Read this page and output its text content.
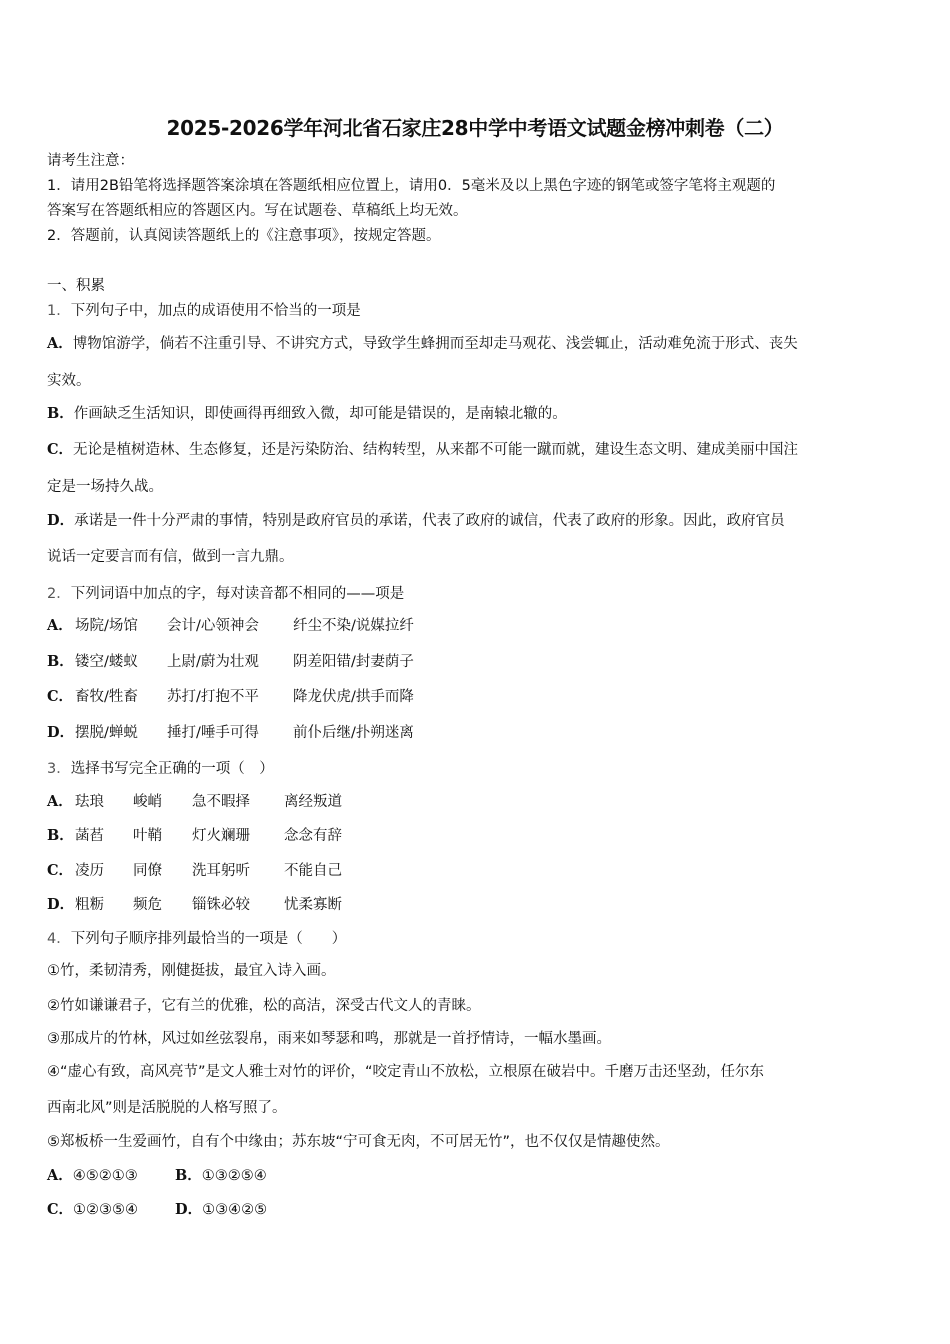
2025-2026学年河北省石家庄28中学中考语文试题金榜冲刺卷（二）
请考生注意：
1．请用2B铅笔将选择题答案涂填在答题纸相应位置上，请用0．5毫米及以上黑色字迹的钢笔或签字笔将主观题的
答案写在答题纸相应的答题区内。写在试题卷、草稿纸上均无效。
2．答题前，认真阅读答题纸上的《注意事项》，按规定答题。
一、积累
1．下列句子中，加点的成语使用不恰当的一项是
A．博物馆游学，倘若不注重引导、不讲究方式，导致学生蜂拥而至却走马观花、浅尝辄止，活动难免流于形式、丧失
实效。
B．作画缺乏生活知识，即使画得再细致入微，却可能是错误的，是南辕北辙的。
C．无论是植树造林、生态修复，还是污染防治、结构转型，从来都不可能一蹴而就，建设生态文明、建成美丽中国注
定是一场持久战。
D．承诺是一件十分严肃的事情，特别是政府官员的承诺，代表了政府的诚信，代表了政府的形象。因此，政府官员
说话一定要言而有信，做到一言九鼎。
2．下列词语中加点的字，每对读音都不相同的——项是
A． 场院/场馆 会计/心领神会 纤尘不染/说媒拉纤
B． 镂空/蝼蚁 上尉/蔚为壮观 阴差阳错/封妻荫子
C． 畜牧/牲畜 苏打/打抱不平 降龙伏虎/拱手而降
D． 摆脱/蝉蜕 捶打/唾手可得 前仆后继/扑朔迷离
3．选择书写完全正确的一项（　）
A． 珐琅 峻峭 急不暇择 离经叛道
B． 菡萏 叶鞘 灯火斓珊 念念有辞
C． 凌历 同僚 洗耳躬听 不能自己
D． 粗粝 频危 锱铢必较 忧柔寡断
4．下列句子顺序排列最恰当的一项是（　　）
①竹，柔韧清秀，刚健挺拔，最宜入诗入画。
②竹如谦谦君子，它有兰的优雅，松的高洁，深受古代文人的青睐。
③那成片的竹林，风过如丝弦裂帛，雨来如琴瑟和鸣，那就是一首抒情诗，一幅水墨画。
④“虚心有致，高风亮节”是文人雅士对竹的评价，“咬定青山不放松，立根原在破岩中。千磨万击还坚劲，任尔东
西南北风”则是活脱脱的人格写照了。
⑤郑板桥一生爱画竹，自有个中缘由；苏东坡“宁可食无肉，不可居无竹”，也不仅仅是情趣使然。
A．④⑤②①③	B．①③②⑤④
C．①②③⑤④	D．①③④②⑤
